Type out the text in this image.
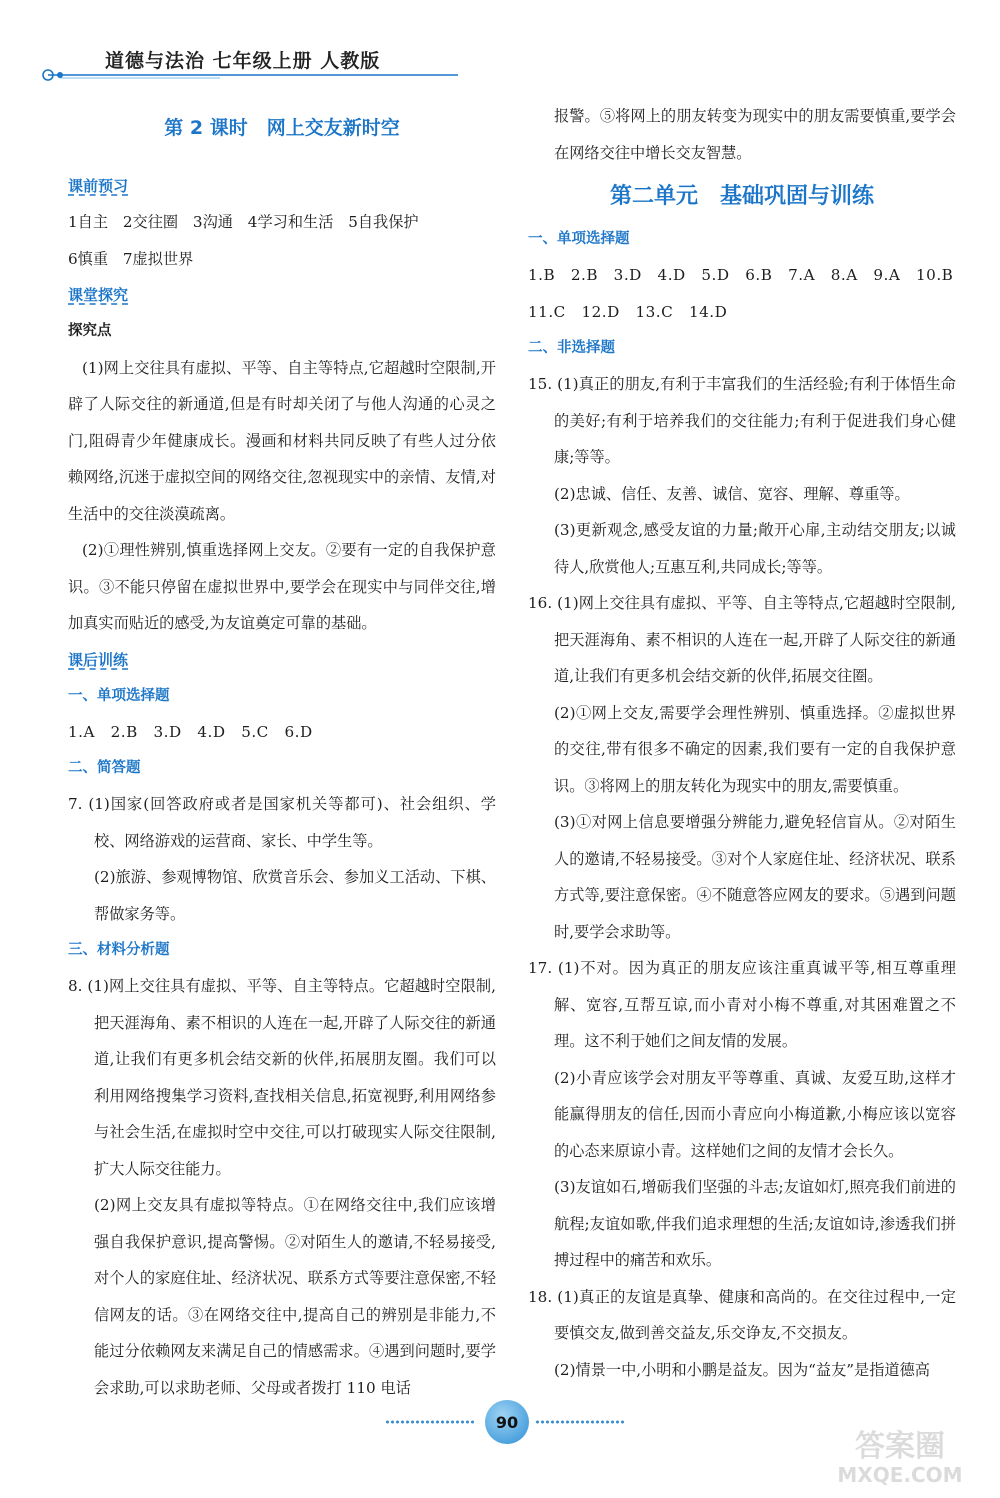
道德与法治 七年级上册 人教版
第 2 课时　网上交友新时空
课前预习

1自主 2交往圈 3沟通 4学习和生活 5自我保护

6慎重 7虚拟世界

课堂探究
探究点

(1)网上交往具有虚拟、平等、自主等特点,它超越时空限制,开辟了人际交往的新通道,但是有时却关闭了与他人沟通的心灵之门,阻碍青少年健康成长。漫画和材料共同反映了有些人过分依赖网络,沉迷于虚拟空间的网络交往,忽视现实中的亲情、友情,对生活中的交往淡漠疏离。

(2)①理性辨别,慎重选择网上交友。②要有一定的自我保护意识。③不能只停留在虚拟世界中,要学会在现实中与同伴交往,增加真实而贴近的感受,为友谊奠定可靠的基础。

课后训练
一、单项选择题

1.A　2.B　3.D　4.D　5.C　6.D

二、简答题

7. (1)国家(回答政府或者是国家机关等都可)、社会组织、学校、网络游戏的运营商、家长、中学生等。

(2)旅游、参观博物馆、欣赏音乐会、参加义工活动、下棋、帮做家务等。

三、材料分析题

8. (1)网上交往具有虚拟、平等、自主等特点。它超越时空限制,把天涯海角、素不相识的人连在一起,开辟了人际交往的新通道,让我们有更多机会结交新的伙伴,拓展朋友圈。我们可以利用网络搜集学习资料,查找相关信息,拓宽视野,利用网络参与社会生活,在虚拟时空中交往,可以打破现实人际交往限制,扩大人际交往能力。

(2)网上交友具有虚拟等特点。①在网络交往中,我们应该增强自我保护意识,提高警惕。②对陌生人的邀请,不轻易接受,对个人的家庭住址、经济状况、联系方式等要注意保密,不轻信网友的话。③在网络交往中,提高自己的辨别是非能力,不能过分依赖网友来满足自己的情感需求。④遇到问题时,要学会求助,可以求助老师、父母或者拨打 110 电话

报警。⑤将网上的朋友转变为现实中的朋友需要慎重,要学会在网络交往中增长交友智慧。

第二单元　基础巩固与训练
一、单项选择题

1.B　2.B　3.D　4.D　5.D　6.B　7.A　8.A　9.A　10.B

11.C　12.D　13.C　14.D

二、非选择题

15. (1)真正的朋友,有利于丰富我们的生活经验;有利于体悟生命的美好;有利于培养我们的交往能力;有利于促进我们身心健康;等等。

(2)忠诚、信任、友善、诚信、宽容、理解、尊重等。

(3)更新观念,感受友谊的力量;敞开心扉,主动结交朋友;以诚待人,欣赏他人;互惠互利,共同成长;等等。

16. (1)网上交往具有虚拟、平等、自主等特点,它超越时空限制,把天涯海角、素不相识的人连在一起,开辟了人际交往的新通道,让我们有更多机会结交新的伙伴,拓展交往圈。

(2)①网上交友,需要学会理性辨别、慎重选择。②虚拟世界的交往,带有很多不确定的因素,我们要有一定的自我保护意识。③将网上的朋友转化为现实中的朋友,需要慎重。

(3)①对网上信息要增强分辨能力,避免轻信盲从。②对陌生人的邀请,不轻易接受。③对个人家庭住址、经济状况、联系方式等,要注意保密。④不随意答应网友的要求。⑤遇到问题时,要学会求助等。

17. (1)不对。因为真正的朋友应该注重真诚平等,相互尊重理解、宽容,互帮互谅,而小青对小梅不尊重,对其困难置之不理。这不利于她们之间友情的发展。

(2)小青应该学会对朋友平等尊重、真诚、友爱互助,这样才能赢得朋友的信任,因而小青应向小梅道歉,小梅应该以宽容的心态来原谅小青。这样她们之间的友情才会长久。

(3)友谊如石,增砺我们坚强的斗志;友谊如灯,照亮我们前进的航程;友谊如歌,伴我们追求理想的生活;友谊如诗,渗透我们拼搏过程中的痛苦和欢乐。

18. (1)真正的友谊是真挚、健康和高尚的。在交往过程中,一定要慎交友,做到善交益友,乐交诤友,不交损友。

(2)情景一中,小明和小鹏是益友。因为“益友”是指道德高

90
答案圈
MXQE.COM
